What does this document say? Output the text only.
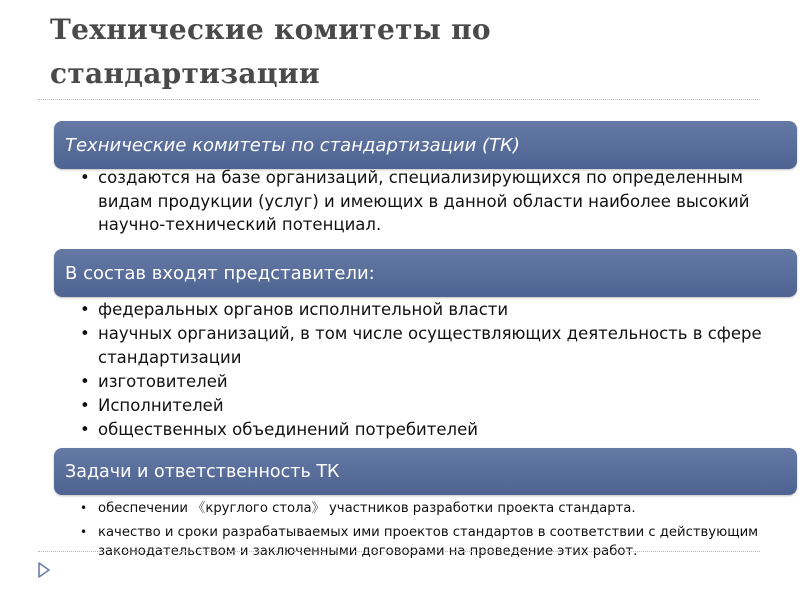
Технические комитеты по стандартизации
Технические комитеты по стандартизации (ТК)
• создаются на базе организаций, специализирующихся по определенным видам продукции (услуг) и имеющих в данной области наиболее высокий научно-технический потенциал.
В состав входят представители:
• федеральных органов исполнительной власти
• научных организаций, в том числе осуществляющих деятельность в сфере стандартизации
• изготовителей
• Исполнителей
• общественных объединений потребителей
Задачи и ответственность ТК
• обеспечении 《круглого стола》 участников разработки проекта стандарта.
• качество и сроки разрабатываемых ими проектов стандартов в соответствии с действующим законодательством и заключенными договорами на проведение этих работ.
